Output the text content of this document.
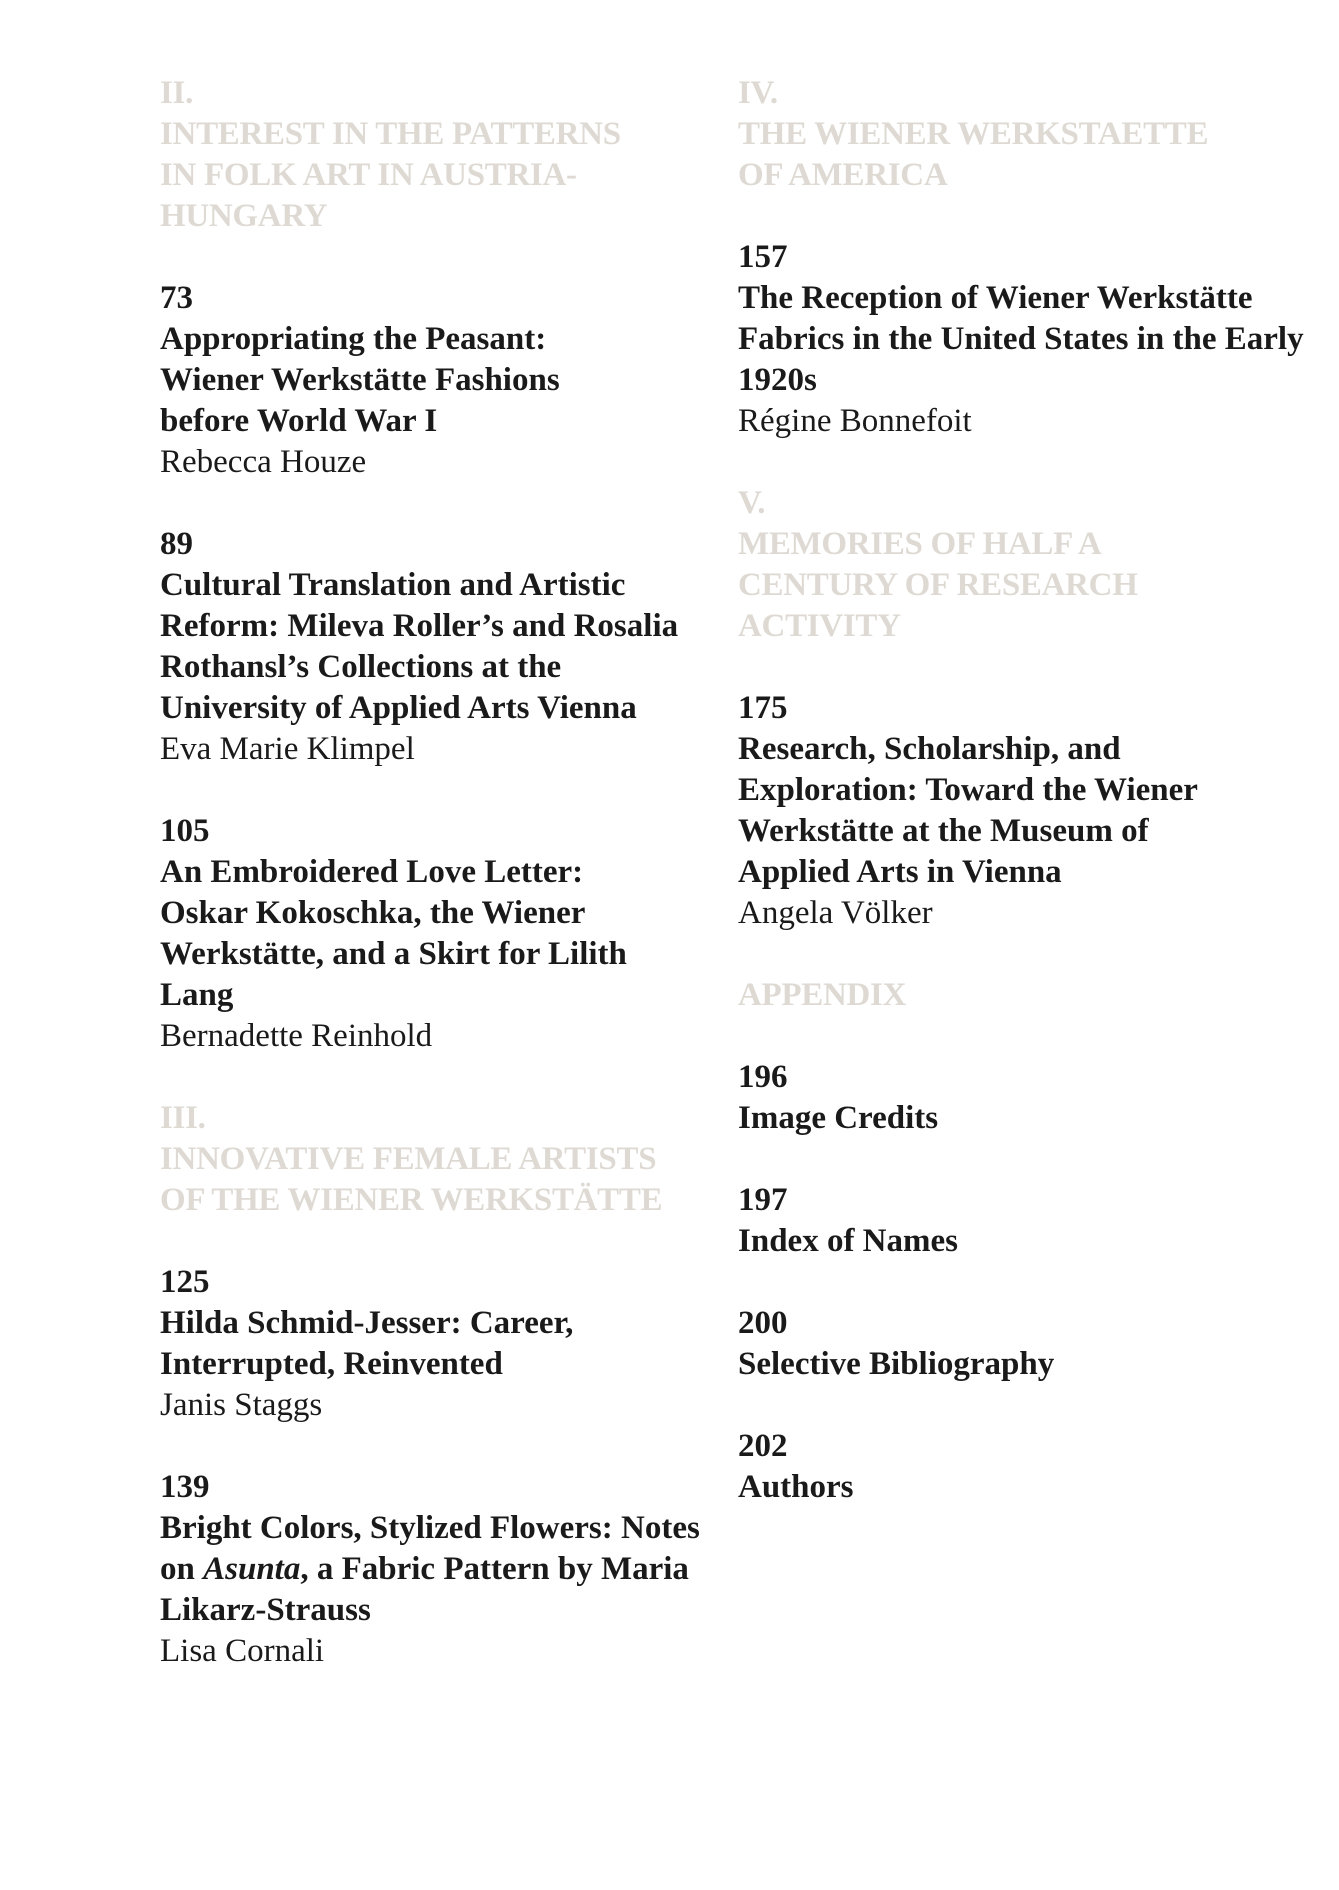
II.
INTEREST IN THE PATTERNS IN FOLK ART IN AUSTRIA-HUNGARY
73
Appropriating the Peasant: Wiener Werkstätte Fashions before World War I
Rebecca Houze
89
Cultural Translation and Artistic Reform: Mileva Roller’s and Rosalia Rothansl’s Collections at the University of Applied Arts Vienna
Eva Marie Klimpel
105
An Embroidered Love Letter: Oskar Kokoschka, the Wiener Werkstätte, and a Skirt for Lilith Lang
Bernadette Reinhold
III.
INNOVATIVE FEMALE ARTISTS OF THE WIENER WERKSTÄTTE
125
Hilda Schmid-Jesser: Career, Interrupted, Reinvented
Janis Staggs
139
Bright Colors, Stylized Flowers: Notes on Asunta, a Fabric Pattern by Maria Likarz-Strauss
Lisa Cornali
IV.
THE WIENER WERKSTAETTE OF AMERICA
157
The Reception of Wiener Werkstätte Fabrics in the United States in the Early 1920s
Régine Bonnefoit
V.
MEMORIES OF HALF A CENTURY OF RESEARCH ACTIVITY
175
Research, Scholarship, and Exploration: Toward the Wiener Werkstätte at the Museum of Applied Arts in Vienna
Angela Völker
APPENDIX
196
Image Credits
197
Index of Names
200
Selective Bibliography
202
Authors
